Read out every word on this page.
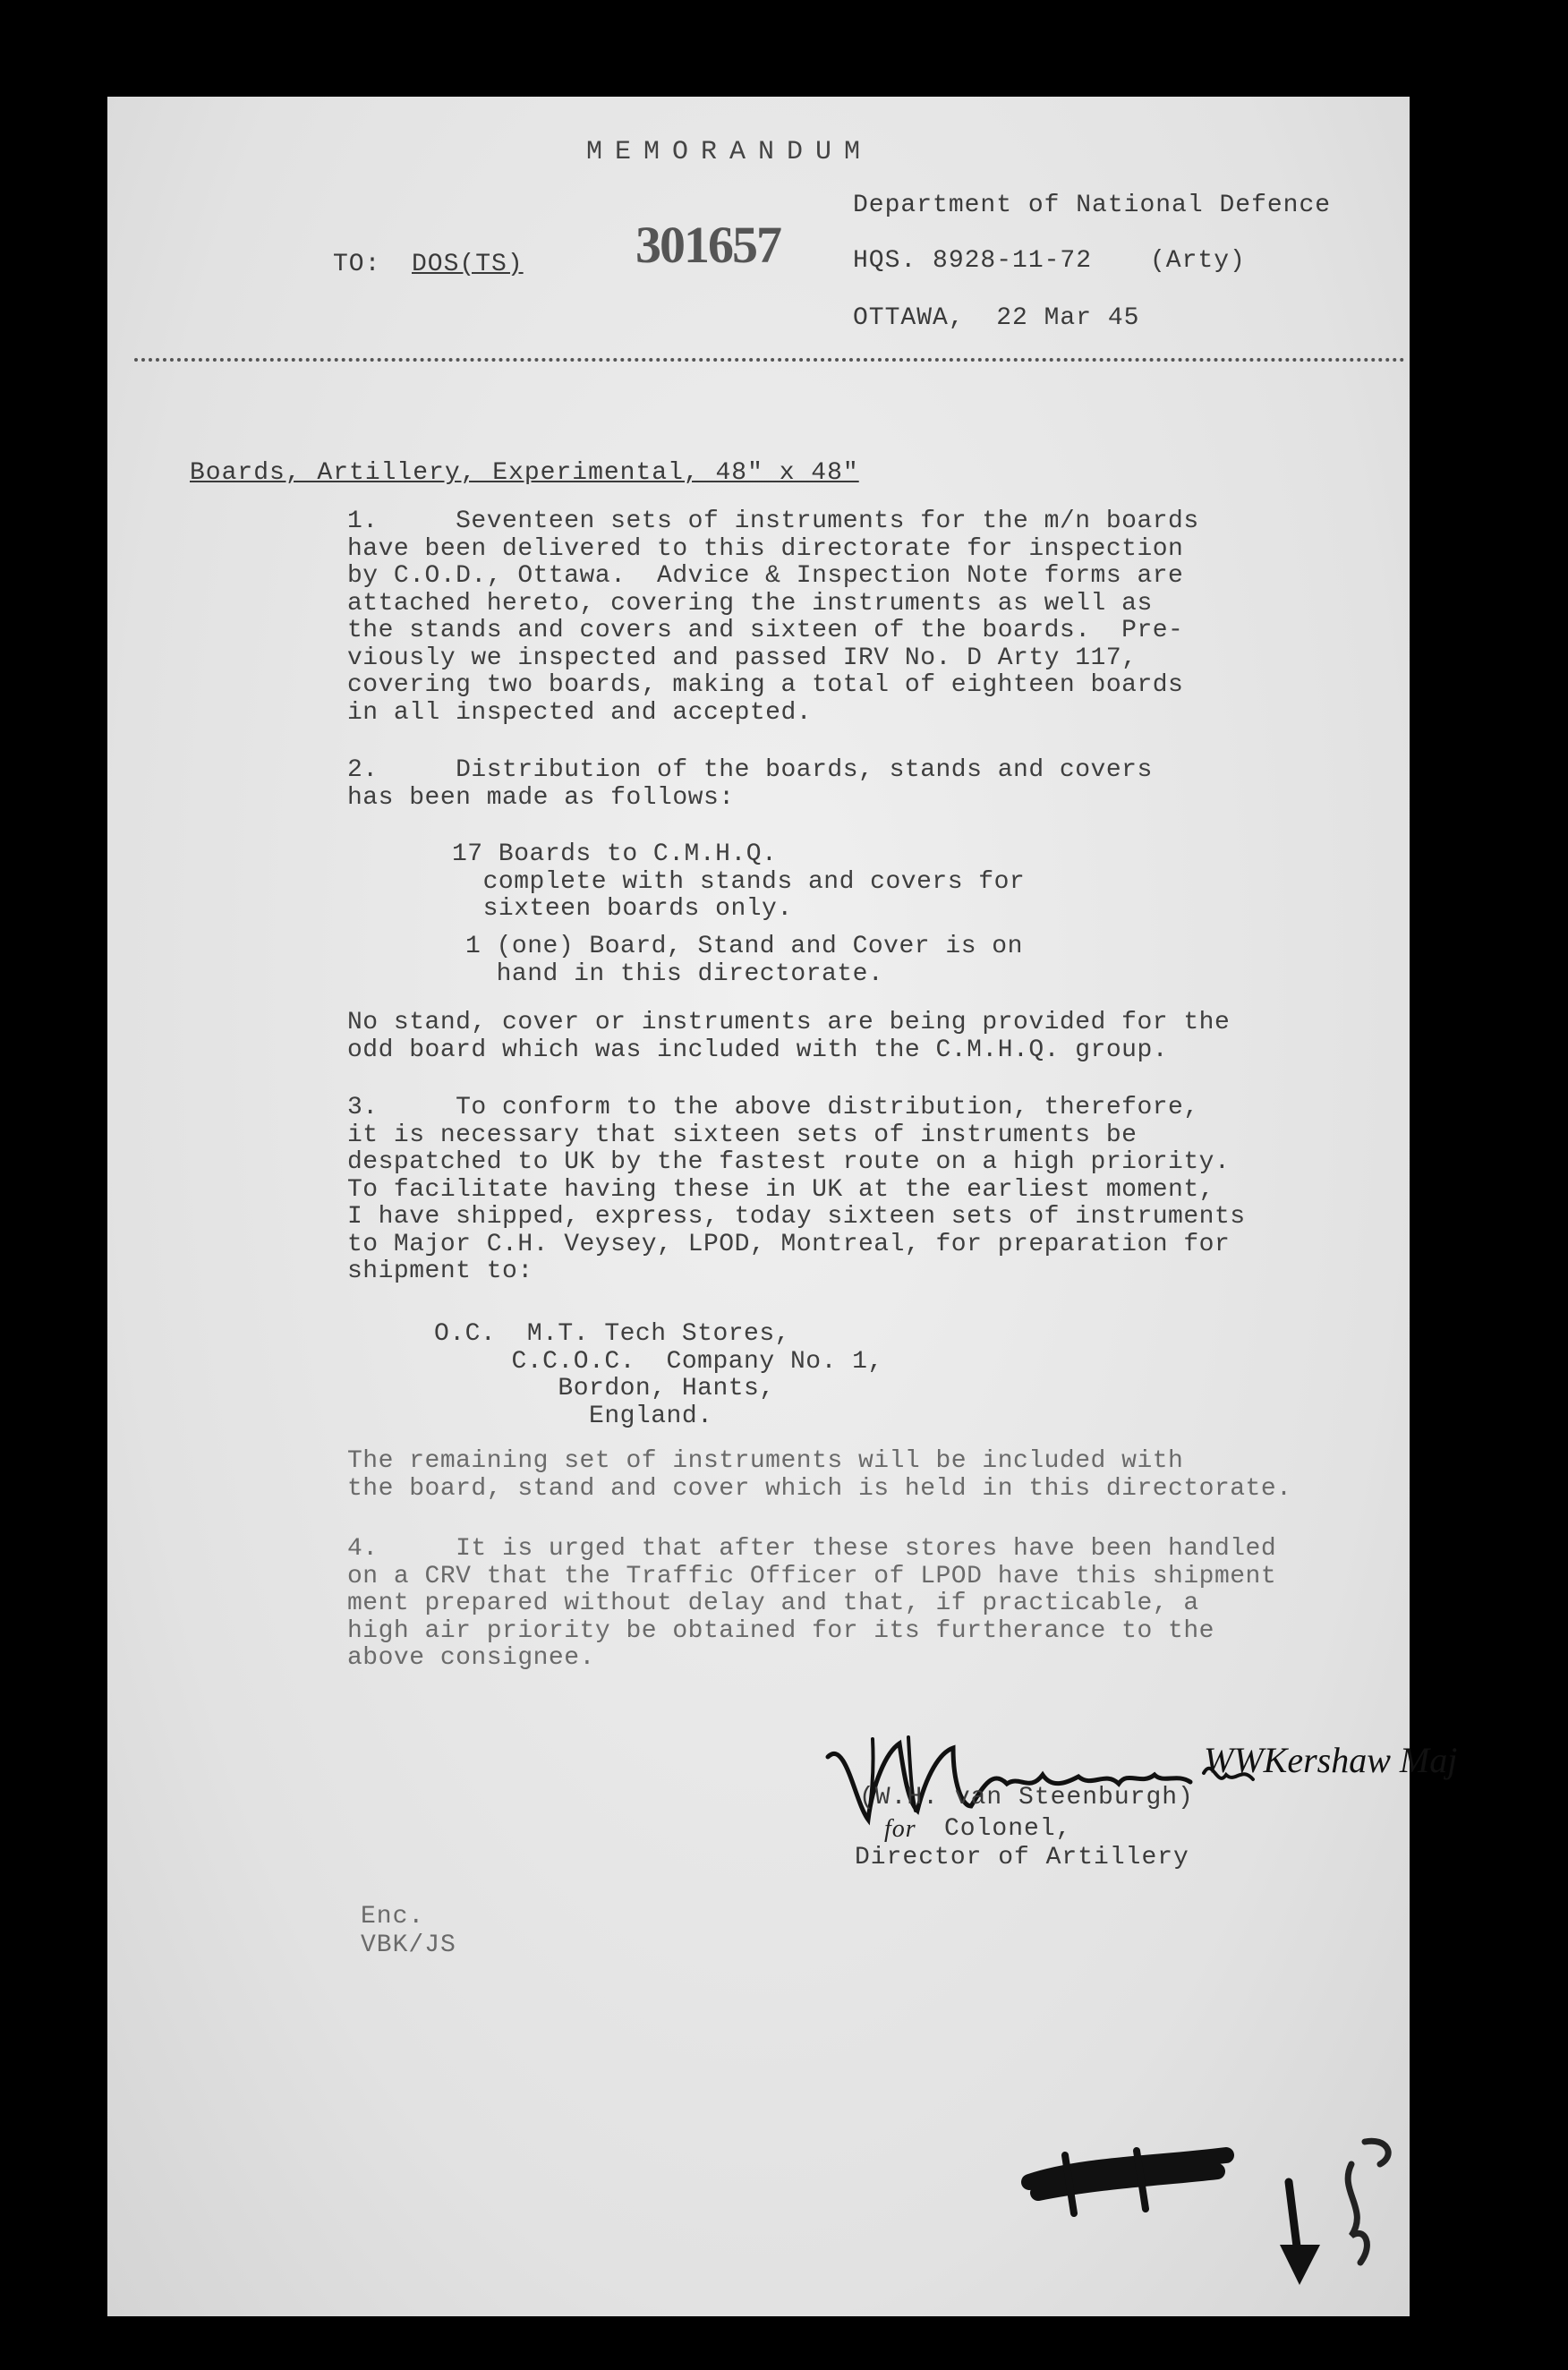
MEMORANDUM
Department of National Defence
TO: DOS(TS) 301657	HQS. 8928-11-72 (Arty)
OTTAWA,  22 Mar 45
Boards, Artillery, Experimental, 48" x 48"
1.     Seventeen sets of instruments for the m/n boards
have been delivered to this directorate for inspection
by C.O.D., Ottawa.  Advice & Inspection Note forms are
attached hereto, covering the instruments as well as
the stands and covers and sixteen of the boards.  Pre-
viously we inspected and passed IRV No. D Arty 117,
covering two boards, making a total of eighteen boards
in all inspected and accepted.
2.     Distribution of the boards, stands and covers
has been made as follows:
17 Boards to C.M.H.Q.
complete with stands and covers for
sixteen boards only.
1 (one) Board, Stand and Cover is on
hand in this directorate.
No stand, cover or instruments are being provided for the
odd board which was included with the C.M.H.Q. group.
3.     To conform to the above distribution, therefore,
it is necessary that sixteen sets of instruments be
despatched to UK by the fastest route on a high priority.
To facilitate having these in UK at the earliest moment,
I have shipped, express, today sixteen sets of instruments
to Major C.H. Veysey, LPOD, Montreal, for preparation for
shipment to:
O.C.  M.T. Tech Stores,
C.C.O.C.  Company No. 1,
Bordon, Hants,
England.
The remaining set of instruments will be included with
the board, stand and cover which is held in this directorate.
4.     It is urged that after these stores have been handled
on a CRV that the Traffic Officer of LPOD have this shipment
ment prepared without delay and that, if practicable, a
high air priority be obtained for its furtherance to the
above consignee.
WWKershaw Maj
(W.H. van Steenburgh)
for Colonel,
Director of Artillery
Enc.
VBK/JS
